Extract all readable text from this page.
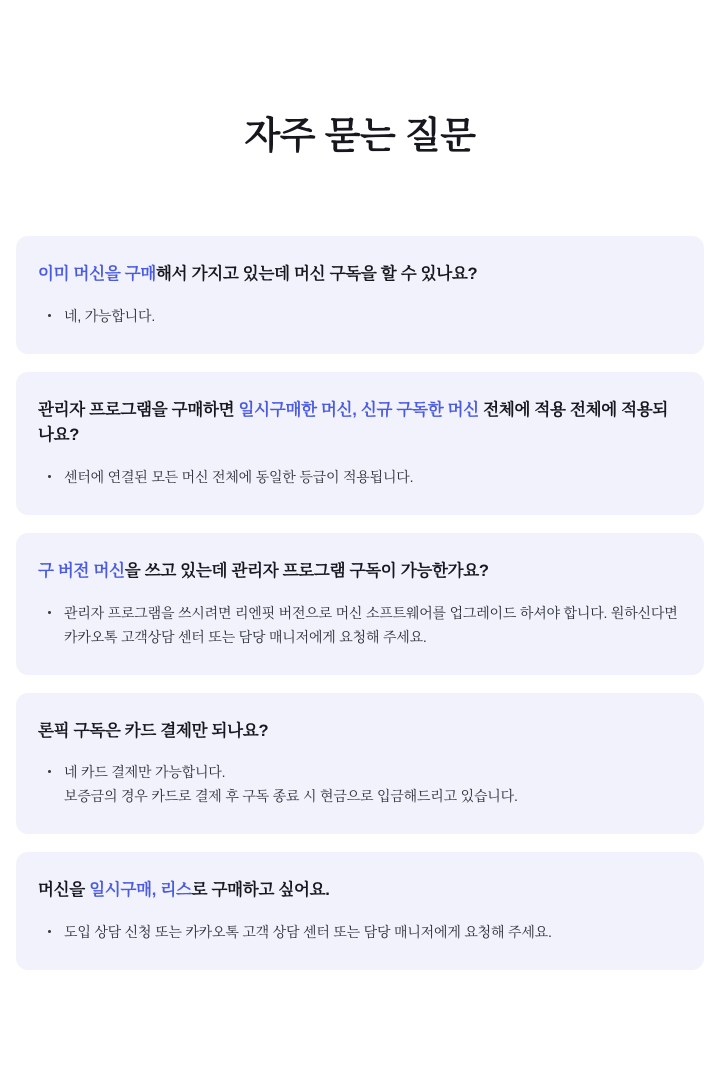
자주 묻는 질문

이미 머신을 구매해서 가지고 있는데 머신 구독을 할 수 있나요?

네, 가능합니다.

관리자 프로그램을 구매하면 일시구매한 머신, 신규 구독한 머신 전체에 적용 전체에 적용되나요?

센터에 연결된 모든 머신 전체에 동일한 등급이 적용됩니다.

구 버전 머신을 쓰고 있는데 관리자 프로그램 구독이 가능한가요?

관리자 프로그램을 쓰시려면 리엔핏 버전으로 머신 소프트웨어를 업그레이드 하셔야 합니다. 원하신다면 카카오톡 고객상담 센터 또는 담당 매니저에게 요청해 주세요.

론픽 구독은 카드 결제만 되나요?

네 카드 결제만 가능합니다.
보증금의 경우 카드로 결제 후 구독 종료 시 현금으로 입금해드리고 있습니다.

머신을 일시구매, 리스로 구매하고 싶어요.

도입 상담 신청 또는 카카오톡 고객 상담 센터 또는 담당 매니저에게 요청해 주세요.
